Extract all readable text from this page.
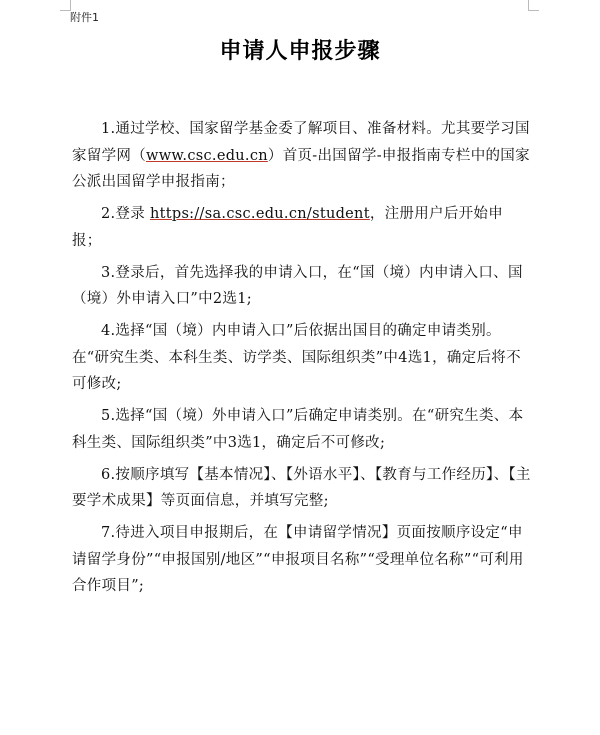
附件1
申请人申报步骤

1.通过学校、国家留学基金委了解项目、准备材料。尤其要学习国家留学网（www.csc.edu.cn）首页-出国留学-申报指南专栏中的国家公派出国留学申报指南；

2.登录 https://sa.csc.edu.cn/student，注册用户后开始申报；

3.登录后，首先选择我的申请入口，在“国（境）内申请入口、国（境）外申请入口”中2选1;

4.选择“国（境）内申请入口”后依据出国目的确定申请类别。在“研究生类、本科生类、访学类、国际组织类”中4选1，确定后将不可修改;

5.选择“国（境）外申请入口”后确定申请类别。在“研究生类、本科生类、国际组织类”中3选1，确定后不可修改;

6.按顺序填写【基本情况】、【外语水平】、【教育与工作经历】、【主要学术成果】等页面信息，并填写完整;

7.待进入项目申报期后，在【申请留学情况】页面按顺序设定“申请留学身份”“申报国别/地区”“申报项目名称”“受理单位名称”“可利用合作项目”;
